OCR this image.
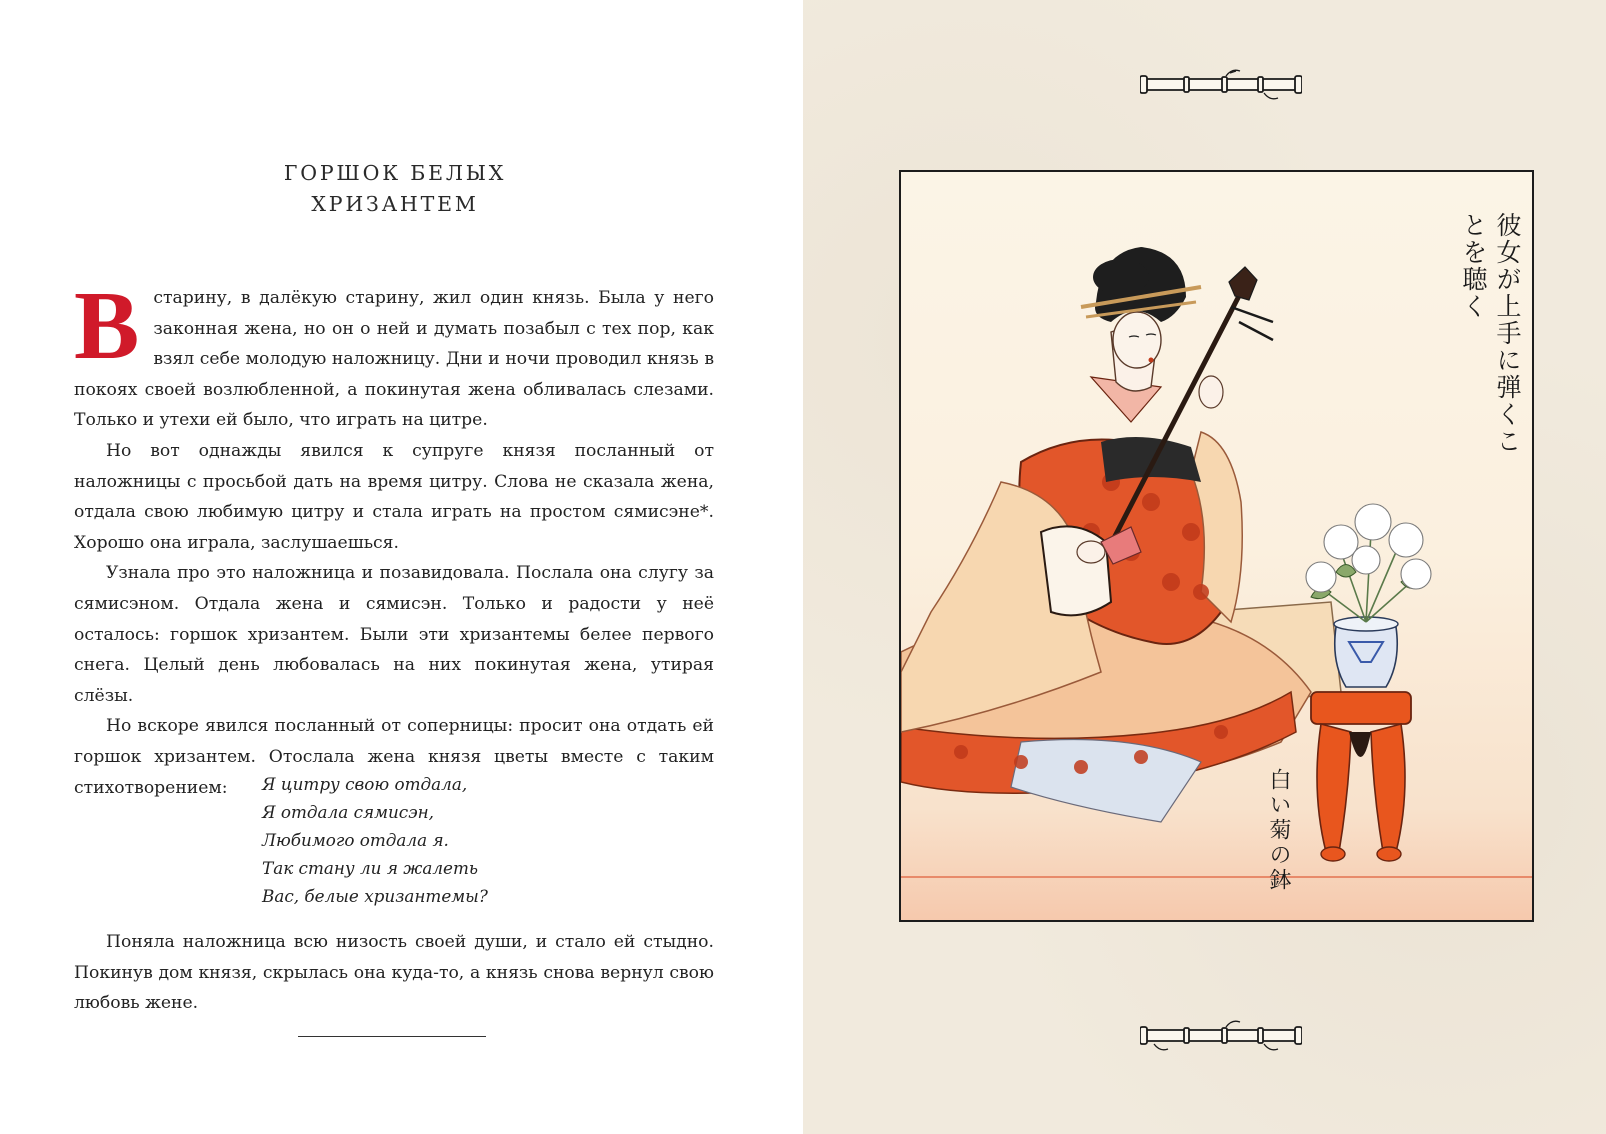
ГОРШОК БЕЛЫХ
ХРИЗАНТЕМ

Встарину, в далёкую старину, жил один князь. Была у него законная жена, но он о ней и думать позабыл с тех пор, как взял себе молодую наложницу. Дни и ночи проводил князь в покоях своей возлюбленной, а покинутая жена обливалась слезами. Только и утехи ей было, что играть на цитре.

Но вот однажды явился к супруге князя посланный от наложницы с просьбой дать на время цитру. Слова не сказала жена, отдала свою любимую цитру и стала играть на простом сямисэне*. Хорошо она играла, заслушаешься.

Узнала про это наложница и позавидовала. Послала она слугу за сямисэном. Отдала жена и сямисэн. Только и радости у неё осталось: горшок хризантем. Были эти хризантемы белее первого снега. Целый день любовалась на них покинутая жена, утирая слёзы.

Но вскоре явился посланный от соперницы: просит она отдать ей горшок хризантем. Отослала жена князя цветы вместе с таким стихотворением:	Я цитру свою отдала,
Я отдала сямисэн,
Любимого отдала я.
Так стану ли я жалеть
Вас, белые хризантемы?

Поняла наложница всю низость своей души, и стало ей стыдно. Покинув дом князя, скрылась она куда-то, а князь снова вернул свою любовь жене.

彼女が上手に弾くことを聴く
白い菊の鉢
